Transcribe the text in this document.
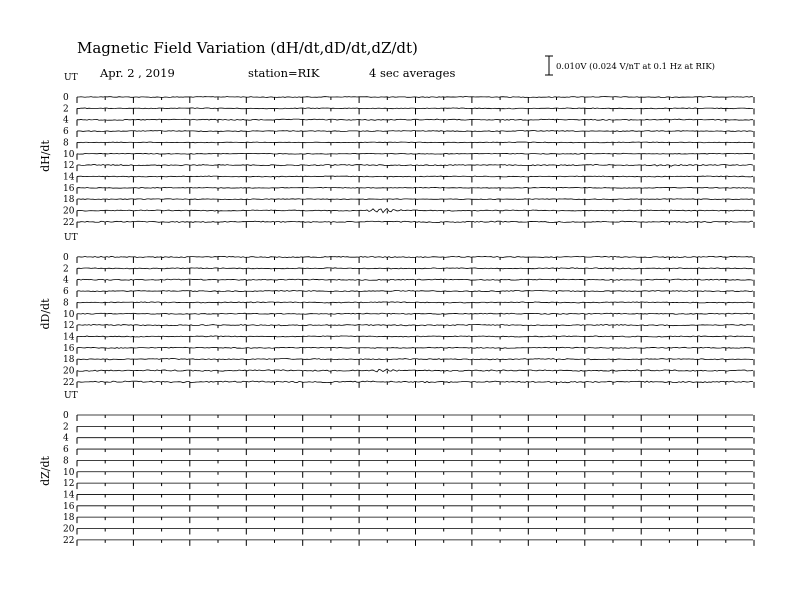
Magnetic Field Variation (dH/dt,dD/dt,dZ/dt)
Apr. 2 , 2019	station=RIK	4 sec averages	0.010V (0.024 V/nT at 0.1 Hz at RIK)
UT
dH/dt
0
2
4
6
8
10
12
14
16
18
20
22
UT
dD/dt
0
2
4
6
8
10
12
14
16
18
20
22
UT
dZ/dt
0
2
4
6
8
10
12
14
16
18
20
22
